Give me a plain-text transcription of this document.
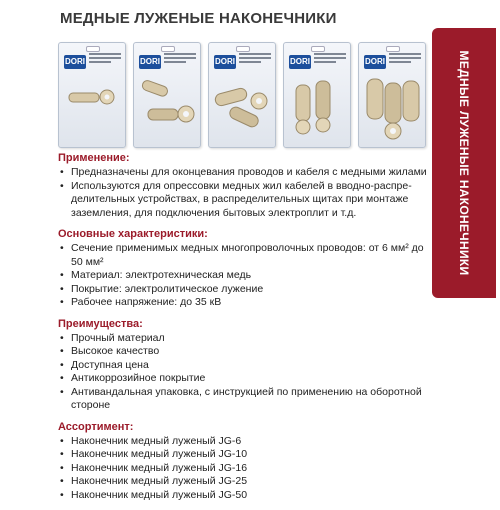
МЕДНЫЕ ЛУЖЕНЫЕ НАКОНЕЧНИКИ
МЕДНЫЕ ЛУЖЕНЫЕ НАКОНЕЧНИКИ
DORI	DORI	DORI	DORI	DORI
Применение:
• Предназначены для оконцевания проводов и кабеля с медными жилами
• Используются для опрессовки медных жил кабелей в вводно-распре-делительных устройствах, в распределительных щитах при монтаже заземления, для подключения бытовых электроплит и т.д.
Основные характеристики:
• Сечение применимых медных многопроволочных проводов: от 6 мм² до 50 мм²
• Материал: электротехническая медь
• Покрытие: электролитическое лужение
• Рабочее напряжение: до 35 кВ
Преимущества:
• Прочный материал
• Высокое качество
• Доступная цена
• Антикоррозийное покрытие
• Антивандальная упаковка, с инструкцией по применению на оборотной стороне
Ассортимент:
• Наконечник медный луженый JG-6
• Наконечник медный луженый JG-10
• Наконечник медный луженый JG-16
• Наконечник медный луженый JG-25
• Наконечник медный луженый JG-50
